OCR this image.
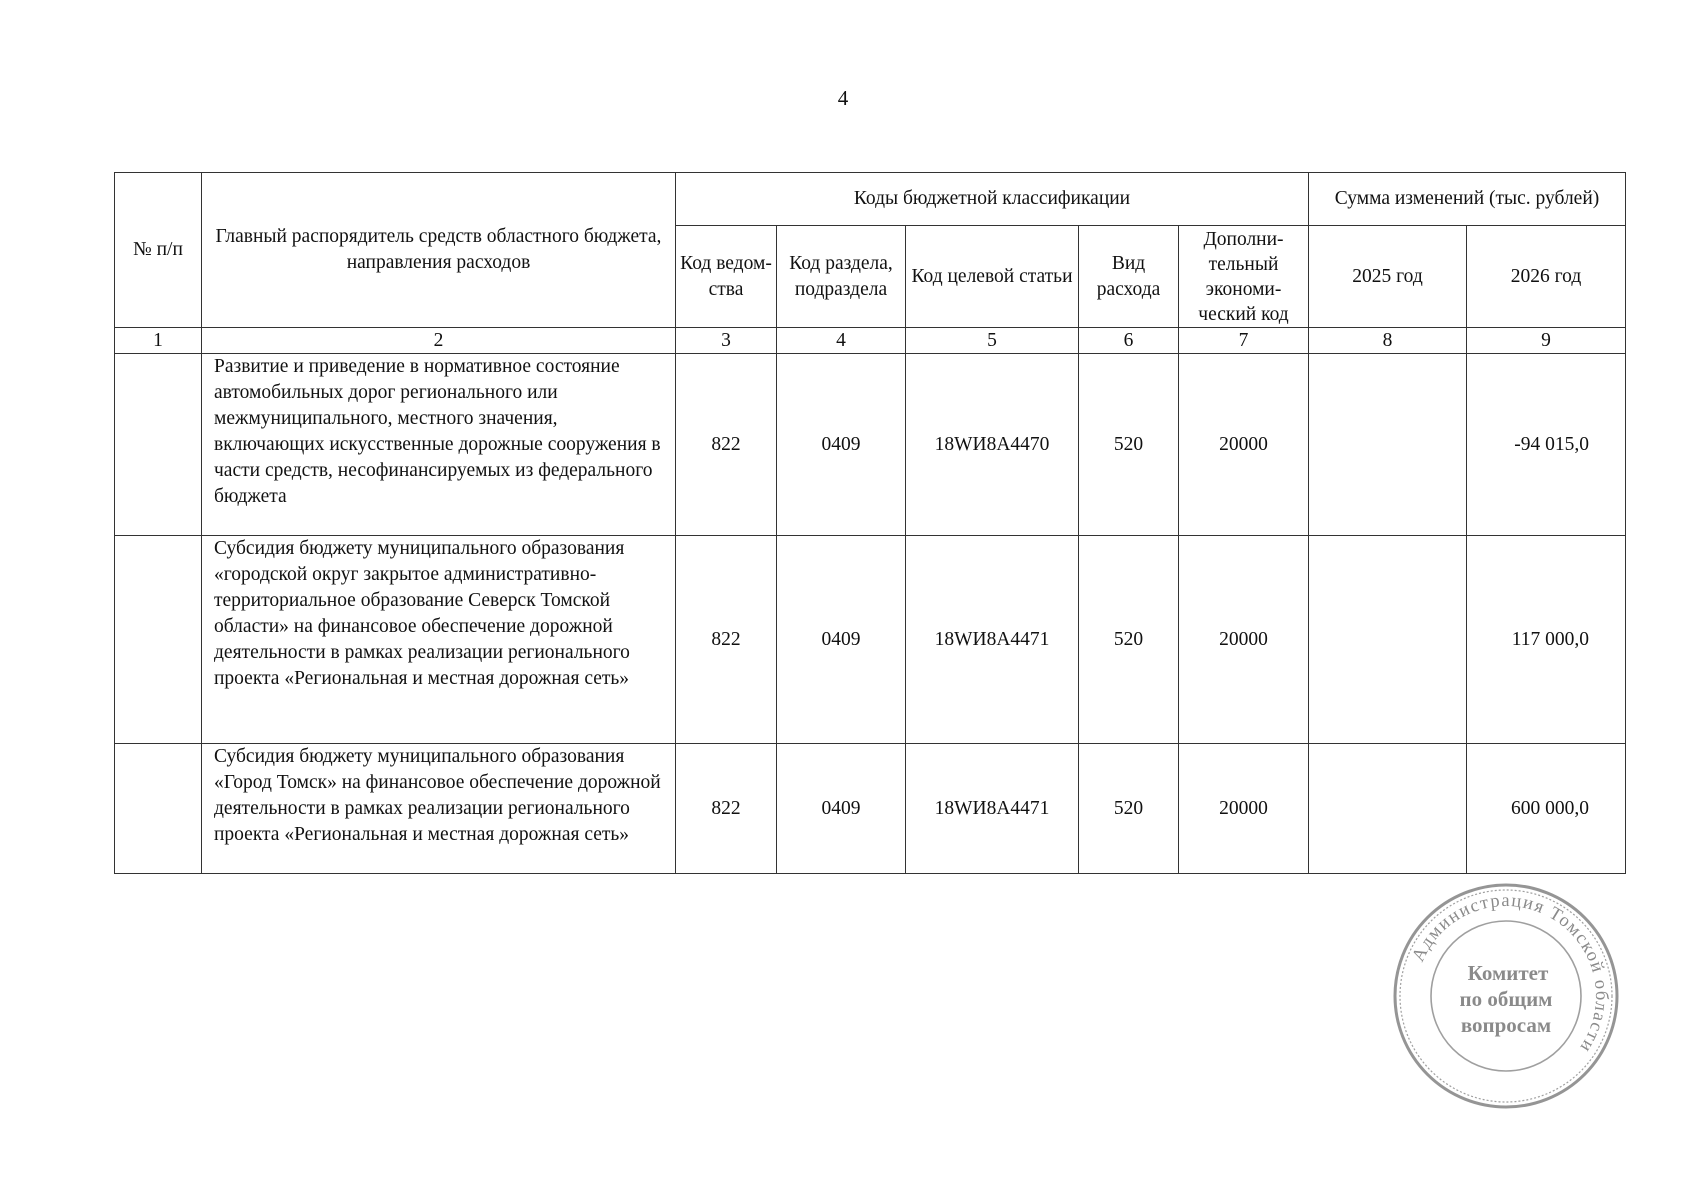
4
№ п/п	Главный распорядитель средств областного бюджета, направления расходов	Коды бюджетной классификации					Сумма изменений (тыс. рублей)	
		Код ведом-ства	Код раздела, подраздела	Код целевой статьи	Вид расхода	Дополни-тельный экономи-ческий код	2025 год	2026 год
1	2	3	4	5	6	7	8	9
	Развитие и приведение в нормативное состояние автомобильных дорог регионального или межмуниципального, местного значения, включающих искусственные дорожные сооружения в части средств, несофинансируемых из федерального бюджета	822	0409	18WИ8А4470	520	20000		-94 015,0
	Субсидия бюджету муниципального образования «городской округ закрытое административно-территориальное образование Северск Томской области» на финансовое обеспечение дорожной деятельности в рамках реализации регионального проекта «Региональная и местная дорожная сеть»	822	0409	18WИ8А4471	520	20000		117 000,0
	Субсидия бюджету муниципального образования «Город Томск» на финансовое обеспечение дорожной деятельности в рамках реализации регионального проекта «Региональная и местная дорожная сеть»	822	0409	18WИ8А4471	520	20000		600 000,0
Администрация Томской области
Комитет
по общим
вопросам
